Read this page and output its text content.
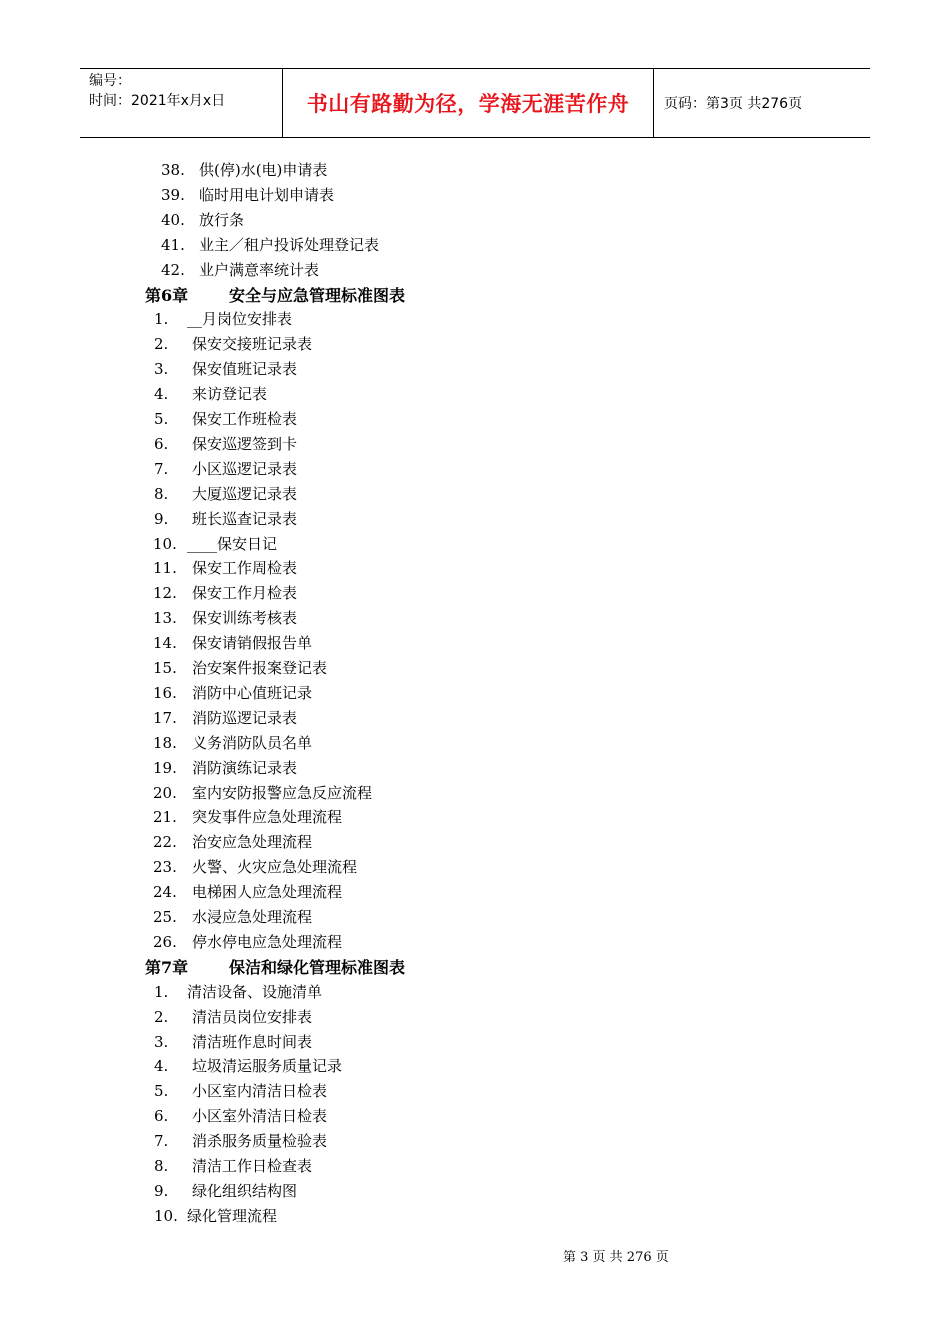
编号：
时间：2021年x月x日	书山有路勤为径，学海无涯苦作舟	页码：第3页 共276页
38. 供(停)水(电)申请表
39. 临时用电计划申请表
40. 放行条
41. 业主／租户投诉处理登记表
42. 业户满意率统计表
第6章	安全与应急管理标准图表
1. __月岗位安排表
2. 保安交接班记录表
3. 保安值班记录表
4. 来访登记表
5. 保安工作班检表
6. 保安巡逻签到卡
7. 小区巡逻记录表
8. 大厦巡逻记录表
9. 班长巡查记录表
10. ____保安日记
11. 保安工作周检表
12. 保安工作月检表
13. 保安训练考核表
14. 保安请销假报告单
15. 治安案件报案登记表
16. 消防中心值班记录
17. 消防巡逻记录表
18. 义务消防队员名单
19. 消防演练记录表
20. 室内安防报警应急反应流程
21. 突发事件应急处理流程
22. 治安应急处理流程
23. 火警、火灾应急处理流程
24. 电梯困人应急处理流程
25. 水浸应急处理流程
26. 停水停电应急处理流程
第7章	保洁和绿化管理标准图表
1. 清洁设备、设施清单
2. 清洁员岗位安排表
3. 清洁班作息时间表
4. 垃圾清运服务质量记录
5. 小区室内清洁日检表
6. 小区室外清洁日检表
7. 消杀服务质量检验表
8. 清洁工作日检查表
9. 绿化组织结构图
10. 绿化管理流程
第 3 页 共 276 页
